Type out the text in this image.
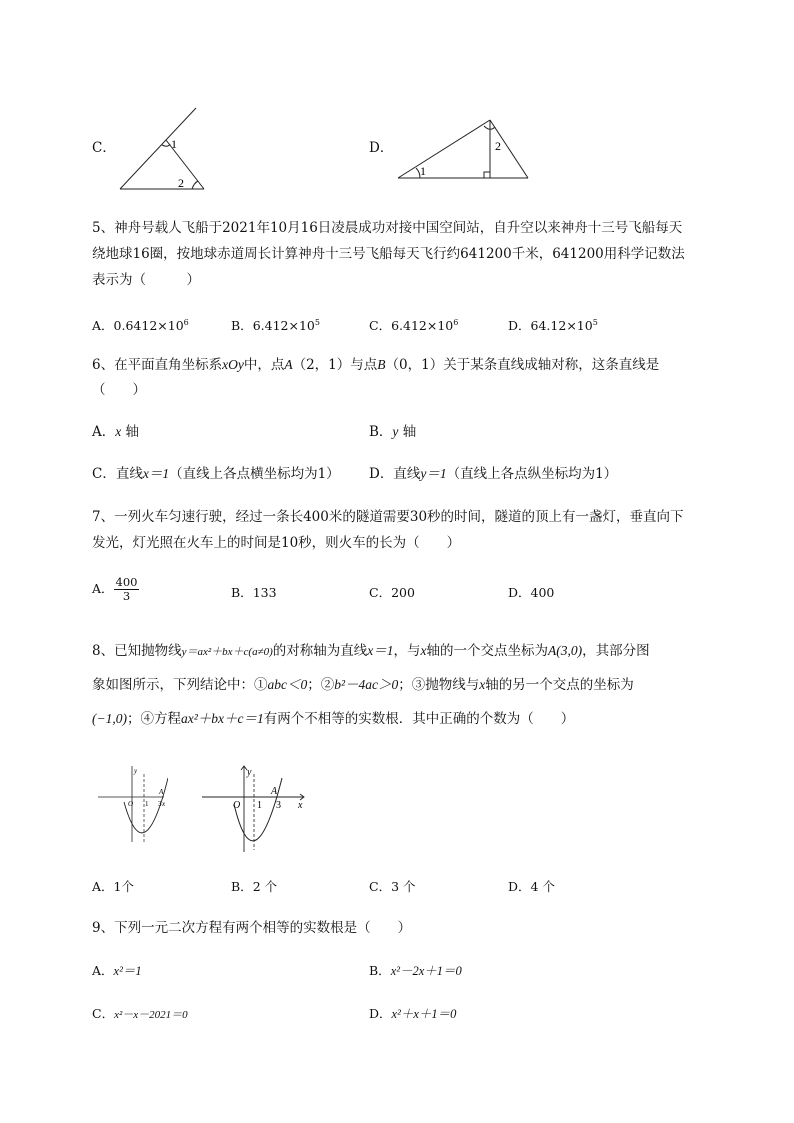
C．	1
2
D．
1
2
5、神舟号载人飞船于2021年10月16日凌晨成功对接中国空间站，自升空以来神舟十三号飞船每天
绕地球16圈，按地球赤道周长计算神舟十三号飞船每天飞行约641200千米，641200用科学记数法
表示为（　　　）
A．$0.6412\times 10^6$	B．$6.412\times 10^5$	C．$6.412\times 10^6$	D．$64.12\times 10^5$
6、在平面直角坐标系xOy中，点A（2，1）与点B（0，1）关于某条直线成轴对称，这条直线是
（　　）
A．x 轴	B．y 轴
C．直线x＝1（直线上各点横坐标均为1） D．直线y＝1（直线上各点纵坐标均为1）
7、一列火车匀速行驶，经过一条长400米的隧道需要30秒的时间，隧道的顶上有一盏灯，垂直向下
发光，灯光照在火车上的时间是10秒，则火车的长为（　　）
A． $\frac{400}{3}$	B．133	C．200	D．400
8、已知抛物线y＝ax²＋bx＋c(a≠0)的对称轴为直线x＝1，与x轴的一个交点坐标为A(3,0)，其部分图
象如图所示，下列结论中：①abc＜0；②b²－4ac＞0；③抛物线与x轴的另一个交点的坐标为
(−1,0)；④方程ax²＋bx＋c＝1有两个不相等的实数根．其中正确的个数为（　　）
y
O 1
A
3 x
y
O 1
A
3 x
A．1个	B．2 个	C．3 个	D．4 个
9、下列一元二次方程有两个相等的实数根是（　　）
A．x²＝1	B．x²－2x＋1＝0
C．x²－x－2021＝0	D．x²＋x＋1＝0
